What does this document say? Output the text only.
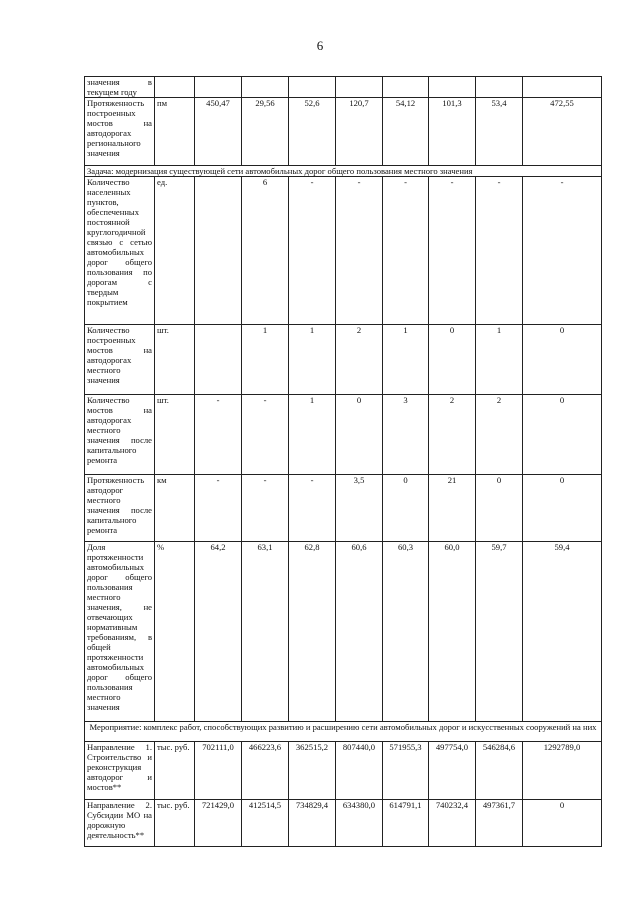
6
значения в текущем году									
Протяженность построенных мостов на автодорогах регионального значения	пм	450,47	29,56	52,6	120,7	54,12	101,3	53,4	472,55
Задача: модернизация существующей сети автомобильных дорог общего пользования местного значения									
Количество населенных пунктов, обеспеченных постоянной круглогодичной связью с сетью автомобильных дорог общего пользования по дорогам с твердым покрытием	ед.		6	-	-	-	-	-	-
Количество построенных мостов на автодорогах местного значения	шт.		1	1	2	1	0	1	0
Количество мостов на автодорогах местного значения после капитального ремонта	шт.	-	-	1	0	3	2	2	0
Протяженность автодорог местного значения после капитального ремонта	км	-	-	-	3,5	0	21	0	0
Доля протяженности автомобильных дорог общего пользования местного значения, не отвечающих нормативным требованиям, в общей протяженности автомобильных дорог общего пользования местного значения	%	64,2	63,1	62,8	60,6	60,3	60,0	59,7	59,4
Мероприятие: комплекс работ, способствующих развитию и расширению сети автомобильных дорог и искусственных сооружений на них									
Направление 1. Строительство и реконструкция автодорог и мостов**	тыс. руб.	702111,0	466223,6	362515,2	807440,0	571955,3	497754,0	546284,6	1292789,0
Направление 2. Субсидии МО на дорожную деятельность**	тыс. руб.	721429,0	412514,5	734829,4	634380,0	614791,1	740232,4	497361,7	0
